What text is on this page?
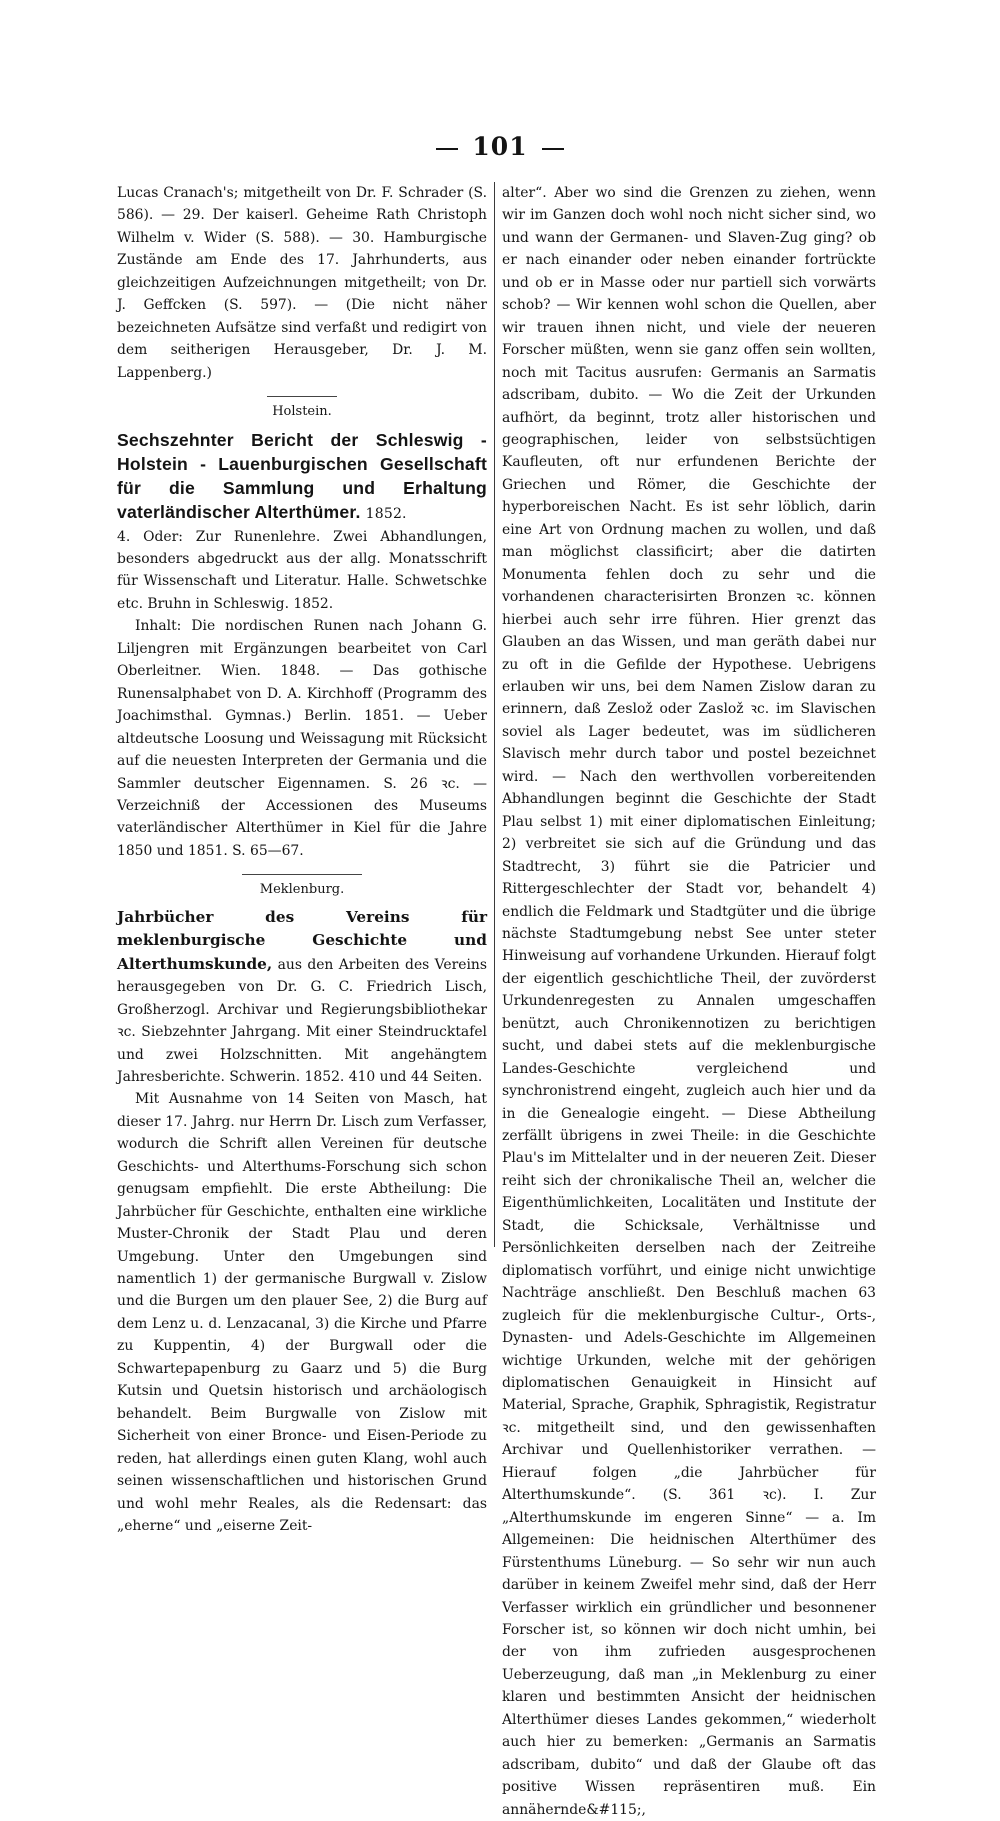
101

Lucas Cranach's; mitgetheilt von Dr. F. Schrader (S. 586). — 29. Der kaiserl. Geheime Rath Christoph Wilhelm v. Wider (S. 588). — 30. Hamburgische Zustände am Ende des 17. Jahrhunderts, aus gleichzeitigen Aufzeichnungen mitgetheilt; von Dr. J. Geffcken (S. 597). — (Die nicht näher bezeichneten Aufsätze sind verfaßt und redigirt von dem seitherigen Herausgeber, Dr. J. M. Lappenberg.)

Holstein.

Sechszehnter Bericht der Schleswig - Holstein - Lauenburgischen Gesellschaft für die Sammlung und Erhaltung vaterländischer Alterthümer. 1852.

4. Oder: Zur Runenlehre. Zwei Abhandlungen, besonders abgedruckt aus der allg. Monatsschrift für Wissenschaft und Literatur. Halle. Schwetschke etc. Bruhn in Schleswig. 1852.

Inhalt: Die nordischen Runen nach Johann G. Liljengren mit Ergänzungen bearbeitet von Carl Oberleitner. Wien. 1848. — Das gothische Runensalphabet von D. A. Kirchhoff (Programm des Joachimsthal. Gymnas.) Berlin. 1851. — Ueber altdeutsche Loosung und Weissagung mit Rücksicht auf die neuesten Interpreten der Germania und die Sammler deutscher Eigennamen. S. 26 ꝛc. — Verzeichniß der Accessionen des Museums vaterländischer Alterthümer in Kiel für die Jahre 1850 und 1851. S. 65—67.

Meklenburg.

Jahrbücher des Vereins für meklenburgische Geschichte und Alterthumskunde, aus den Arbeiten des Vereins herausgegeben von Dr. G. C. Friedrich Lisch, Großherzogl. Archivar und Regierungsbibliothekar ꝛc. Siebzehnter Jahrgang. Mit einer Steindrucktafel und zwei Holzschnitten. Mit angehängtem Jahresberichte. Schwerin. 1852. 410 und 44 Seiten.

Mit Ausnahme von 14 Seiten von Masch, hat dieser 17. Jahrg. nur Herrn Dr. Lisch zum Verfasser, wodurch die Schrift allen Vereinen für deutsche Geschichts- und Alterthums-Forschung sich schon genugsam empfiehlt. Die erste Abtheilung: Die Jahrbücher für Geschichte, enthalten eine wirkliche Muster-Chronik der Stadt Plau und deren Umgebung. Unter den Umgebungen sind namentlich 1) der germanische Burgwall v. Zislow und die Burgen um den plauer See, 2) die Burg auf dem Lenz u. d. Lenzacanal, 3) die Kirche und Pfarre zu Kuppentin, 4) der Burgwall oder die Schwartepapenburg zu Gaarz und 5) die Burg Kutsin und Quetsin historisch und archäologisch behandelt. Beim Burgwalle von Zislow mit Sicherheit von einer Bronce- und Eisen-Periode zu reden, hat allerdings einen guten Klang, wohl auch seinen wissenschaftlichen und historischen Grund und wohl mehr Reales, als die Redensart: das „eherne“ und „eiserne Zeit-

alter“. Aber wo sind die Grenzen zu ziehen, wenn wir im Ganzen doch wohl noch nicht sicher sind, wo und wann der Germanen- und Slaven-Zug ging? ob er nach einander oder neben einander fortrückte und ob er in Masse oder nur partiell sich vorwärts schob? — Wir kennen wohl schon die Quellen, aber wir trauen ihnen nicht, und viele der neueren Forscher müßten, wenn sie ganz offen sein wollten, noch mit Tacitus ausrufen: Germanis an Sarmatis adscribam, dubito. — Wo die Zeit der Urkunden aufhört, da beginnt, trotz aller historischen und geographischen, leider von selbstsüchtigen Kaufleuten, oft nur erfundenen Berichte der Griechen und Römer, die Geschichte der hyperboreischen Nacht. Es ist sehr löblich, darin eine Art von Ordnung machen zu wollen, und daß man möglichst classificirt; aber die datirten Monumenta fehlen doch zu sehr und die vorhandenen characterisirten Bronzen ꝛc. können hierbei auch sehr irre führen. Hier grenzt das Glauben an das Wissen, und man geräth dabei nur zu oft in die Gefilde der Hypothese. Uebrigens erlauben wir uns, bei dem Namen Zislow daran zu erinnern, daß Zeslož oder Zaslož ꝛc. im Slavischen soviel als Lager bedeutet, was im südlicheren Slavisch mehr durch tabor und postel bezeichnet wird. — Nach den werthvollen vorbereitenden Abhandlungen beginnt die Geschichte der Stadt Plau selbst 1) mit einer diplomatischen Einleitung; 2) verbreitet sie sich auf die Gründung und das Stadtrecht, 3) führt sie die Patricier und Rittergeschlechter der Stadt vor, behandelt 4) endlich die Feldmark und Stadtgüter und die übrige nächste Stadtumgebung nebst See unter steter Hinweisung auf vorhandene Urkunden. Hierauf folgt der eigentlich geschichtliche Theil, der zuvörderst Urkundenregesten zu Annalen umgeschaffen benützt, auch Chronikennotizen zu berichtigen sucht, und dabei stets auf die meklenburgische Landes-Geschichte vergleichend und synchronistrend eingeht, zugleich auch hier und da in die Genealogie eingeht. — Diese Abtheilung zerfällt übrigens in zwei Theile: in die Geschichte Plau's im Mittelalter und in der neueren Zeit. Dieser reiht sich der chronikalische Theil an, welcher die Eigenthümlichkeiten, Localitäten und Institute der Stadt, die Schicksale, Verhältnisse und Persönlichkeiten derselben nach der Zeitreihe diplomatisch vorführt, und einige nicht unwichtige Nachträge anschließt. Den Beschluß machen 63 zugleich für die meklenburgische Cultur-, Orts-, Dynasten- und Adels-Geschichte im Allgemeinen wichtige Urkunden, welche mit der gehörigen diplomatischen Genauigkeit in Hinsicht auf Material, Sprache, Graphik, Sphragistik, Registratur ꝛc. mitgetheilt sind, und den gewissenhaften Archivar und Quellenhistoriker verrathen. — Hierauf folgen „die Jahrbücher für Alterthumskunde“. (S. 361 ꝛc). I. Zur „Alterthumskunde im engeren Sinne“ — a. Im Allgemeinen: Die heidnischen Alterthümer des Fürstenthums Lüneburg. — So sehr wir nun auch darüber in keinem Zweifel mehr sind, daß der Herr Verfasser wirklich ein gründlicher und besonnener Forscher ist, so können wir doch nicht umhin, bei der von ihm zufrieden ausgesprochenen Ueberzeugung, daß man „in Meklenburg zu einer klaren und bestimmten Ansicht der heidnischen Alterthümer dieses Landes gekommen,“ wiederholt auch hier zu bemerken: „Germanis an Sarmatis adscribam, dubito“ und daß der Glaube oft das positive Wissen repräsentiren muß. Ein annähernde&#115;,
